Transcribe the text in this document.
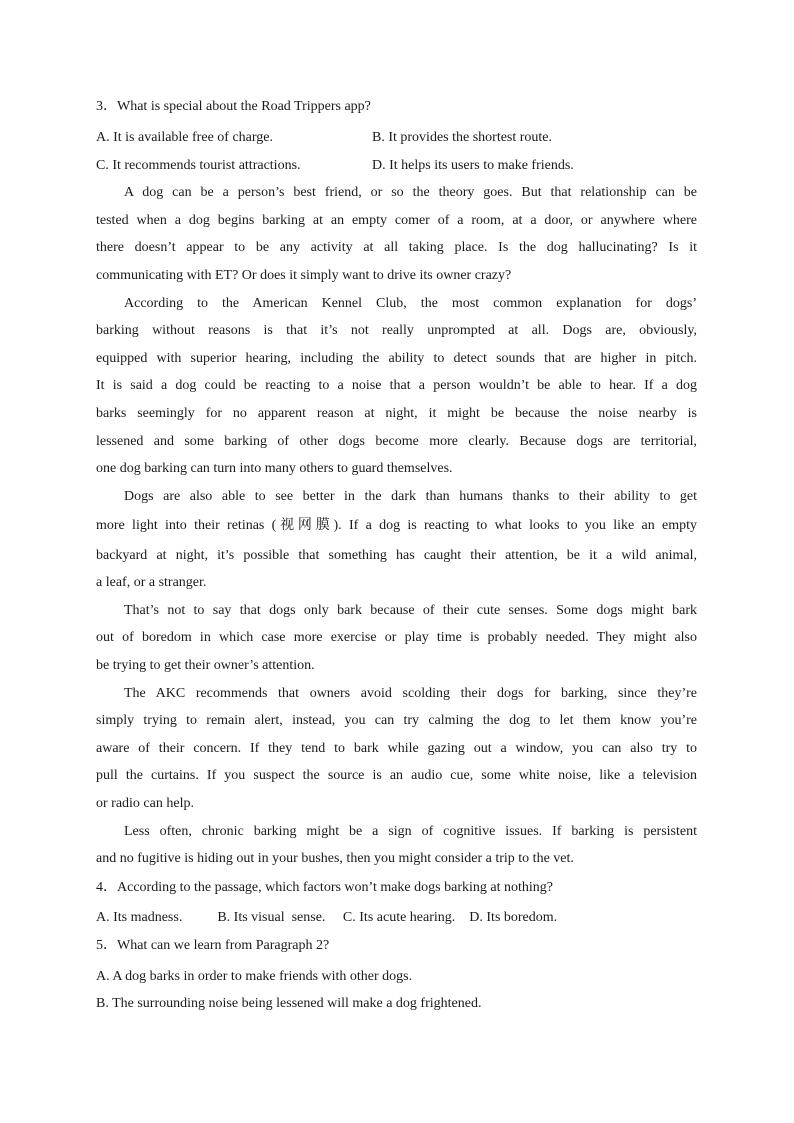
3．What is special about the Road Trippers app?
A. It is available free of charge.	B. It provides the shortest route.
C. It recommends tourist attractions.	D. It helps its users to make friends.
A dog can be a person’s best friend, or so the theory goes. But that relationship can be
tested when a dog begins barking at an empty comer of a room, at a door, or anywhere where
there doesn’t appear to be any activity at all taking place. Is the dog hallucinating? Is it
communicating with ET? Or does it simply want to drive its owner crazy?
According to the American Kennel Club, the most common explanation for dogs’
barking without reasons is that it’s not really unprompted at all. Dogs are, obviously,
equipped with superior hearing, including the ability to detect sounds that are higher in pitch.
It is said a dog could be reacting to a noise that a person wouldn’t be able to hear. If a dog
barks seemingly for no apparent reason at night, it might be because the noise nearby is
lessened and some barking of other dogs become more clearly. Because dogs are territorial,
one dog barking can turn into many others to guard themselves.
Dogs are also able to see better in the dark than humans thanks to their ability to get
more light into their retinas (视网膜). If a dog is reacting to what looks to you like an empty
backyard at night, it’s possible that something has caught their attention, be it a wild animal,
a leaf, or a stranger.
That’s not to say that dogs only bark because of their cute senses. Some dogs might bark
out of boredom in which case more exercise or play time is probably needed. They might also
be trying to get their owner’s attention.
The AKC recommends that owners avoid scolding their dogs for barking, since they’re
simply trying to remain alert, instead, you can try calming the dog to let them know you’re
aware of their concern. If they tend to bark while gazing out a window, you can also try to
pull the curtains. If you suspect the source is an audio cue, some white noise, like a television
or radio can help.
Less often, chronic barking might be a sign of cognitive issues. If barking is persistent
and no fugitive is hiding out in your bushes, then you might consider a trip to the vet.
4．According to the passage, which factors won’t make dogs barking at nothing?
A. Its madness.          B. Its visual  sense.     C. Its acute hearing.    D. Its boredom.
5．What can we learn from Paragraph 2?
A. A dog barks in order to make friends with other dogs.
B. The surrounding noise being lessened will make a dog frightened.
